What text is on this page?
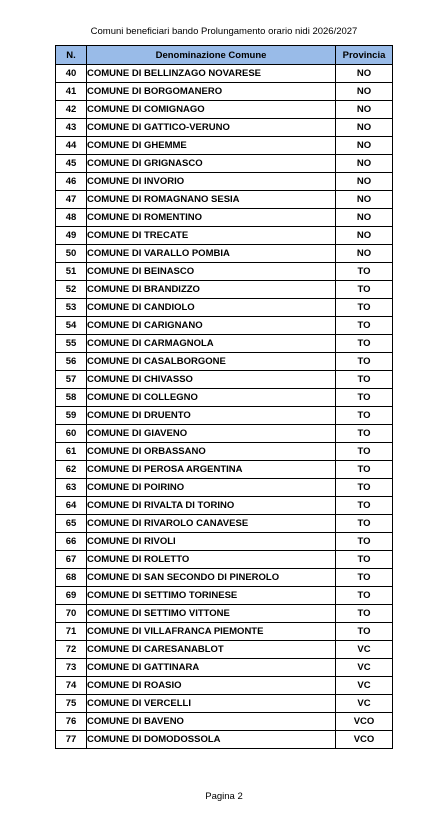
Comuni beneficiari bando Prolungamento orario nidi 2026/2027
N.	Denominazione Comune	Provincia
40	COMUNE DI BELLINZAGO NOVARESE	NO
41	COMUNE DI BORGOMANERO	NO
42	COMUNE DI COMIGNAGO	NO
43	COMUNE DI GATTICO-VERUNO	NO
44	COMUNE DI GHEMME	NO
45	COMUNE DI GRIGNASCO	NO
46	COMUNE DI INVORIO	NO
47	COMUNE DI ROMAGNANO SESIA	NO
48	COMUNE DI ROMENTINO	NO
49	COMUNE DI TRECATE	NO
50	COMUNE DI VARALLO POMBIA	NO
51	COMUNE DI BEINASCO	TO
52	COMUNE DI BRANDIZZO	TO
53	COMUNE DI CANDIOLO	TO
54	COMUNE DI CARIGNANO	TO
55	COMUNE DI CARMAGNOLA	TO
56	COMUNE DI CASALBORGONE	TO
57	COMUNE DI CHIVASSO	TO
58	COMUNE DI COLLEGNO	TO
59	COMUNE DI DRUENTO	TO
60	COMUNE DI GIAVENO	TO
61	COMUNE DI ORBASSANO	TO
62	COMUNE DI PEROSA ARGENTINA	TO
63	COMUNE DI POIRINO	TO
64	COMUNE DI RIVALTA DI TORINO	TO
65	COMUNE DI RIVAROLO CANAVESE	TO
66	COMUNE DI RIVOLI	TO
67	COMUNE DI ROLETTO	TO
68	COMUNE DI SAN SECONDO DI PINEROLO	TO
69	COMUNE DI SETTIMO TORINESE	TO
70	COMUNE DI SETTIMO VITTONE	TO
71	COMUNE DI VILLAFRANCA PIEMONTE	TO
72	COMUNE DI CARESANABLOT	VC
73	COMUNE DI GATTINARA	VC
74	COMUNE DI ROASIO	VC
75	COMUNE DI VERCELLI	VC
76	COMUNE DI BAVENO	VCO
77	COMUNE DI DOMODOSSOLA	VCO
Pagina 2
